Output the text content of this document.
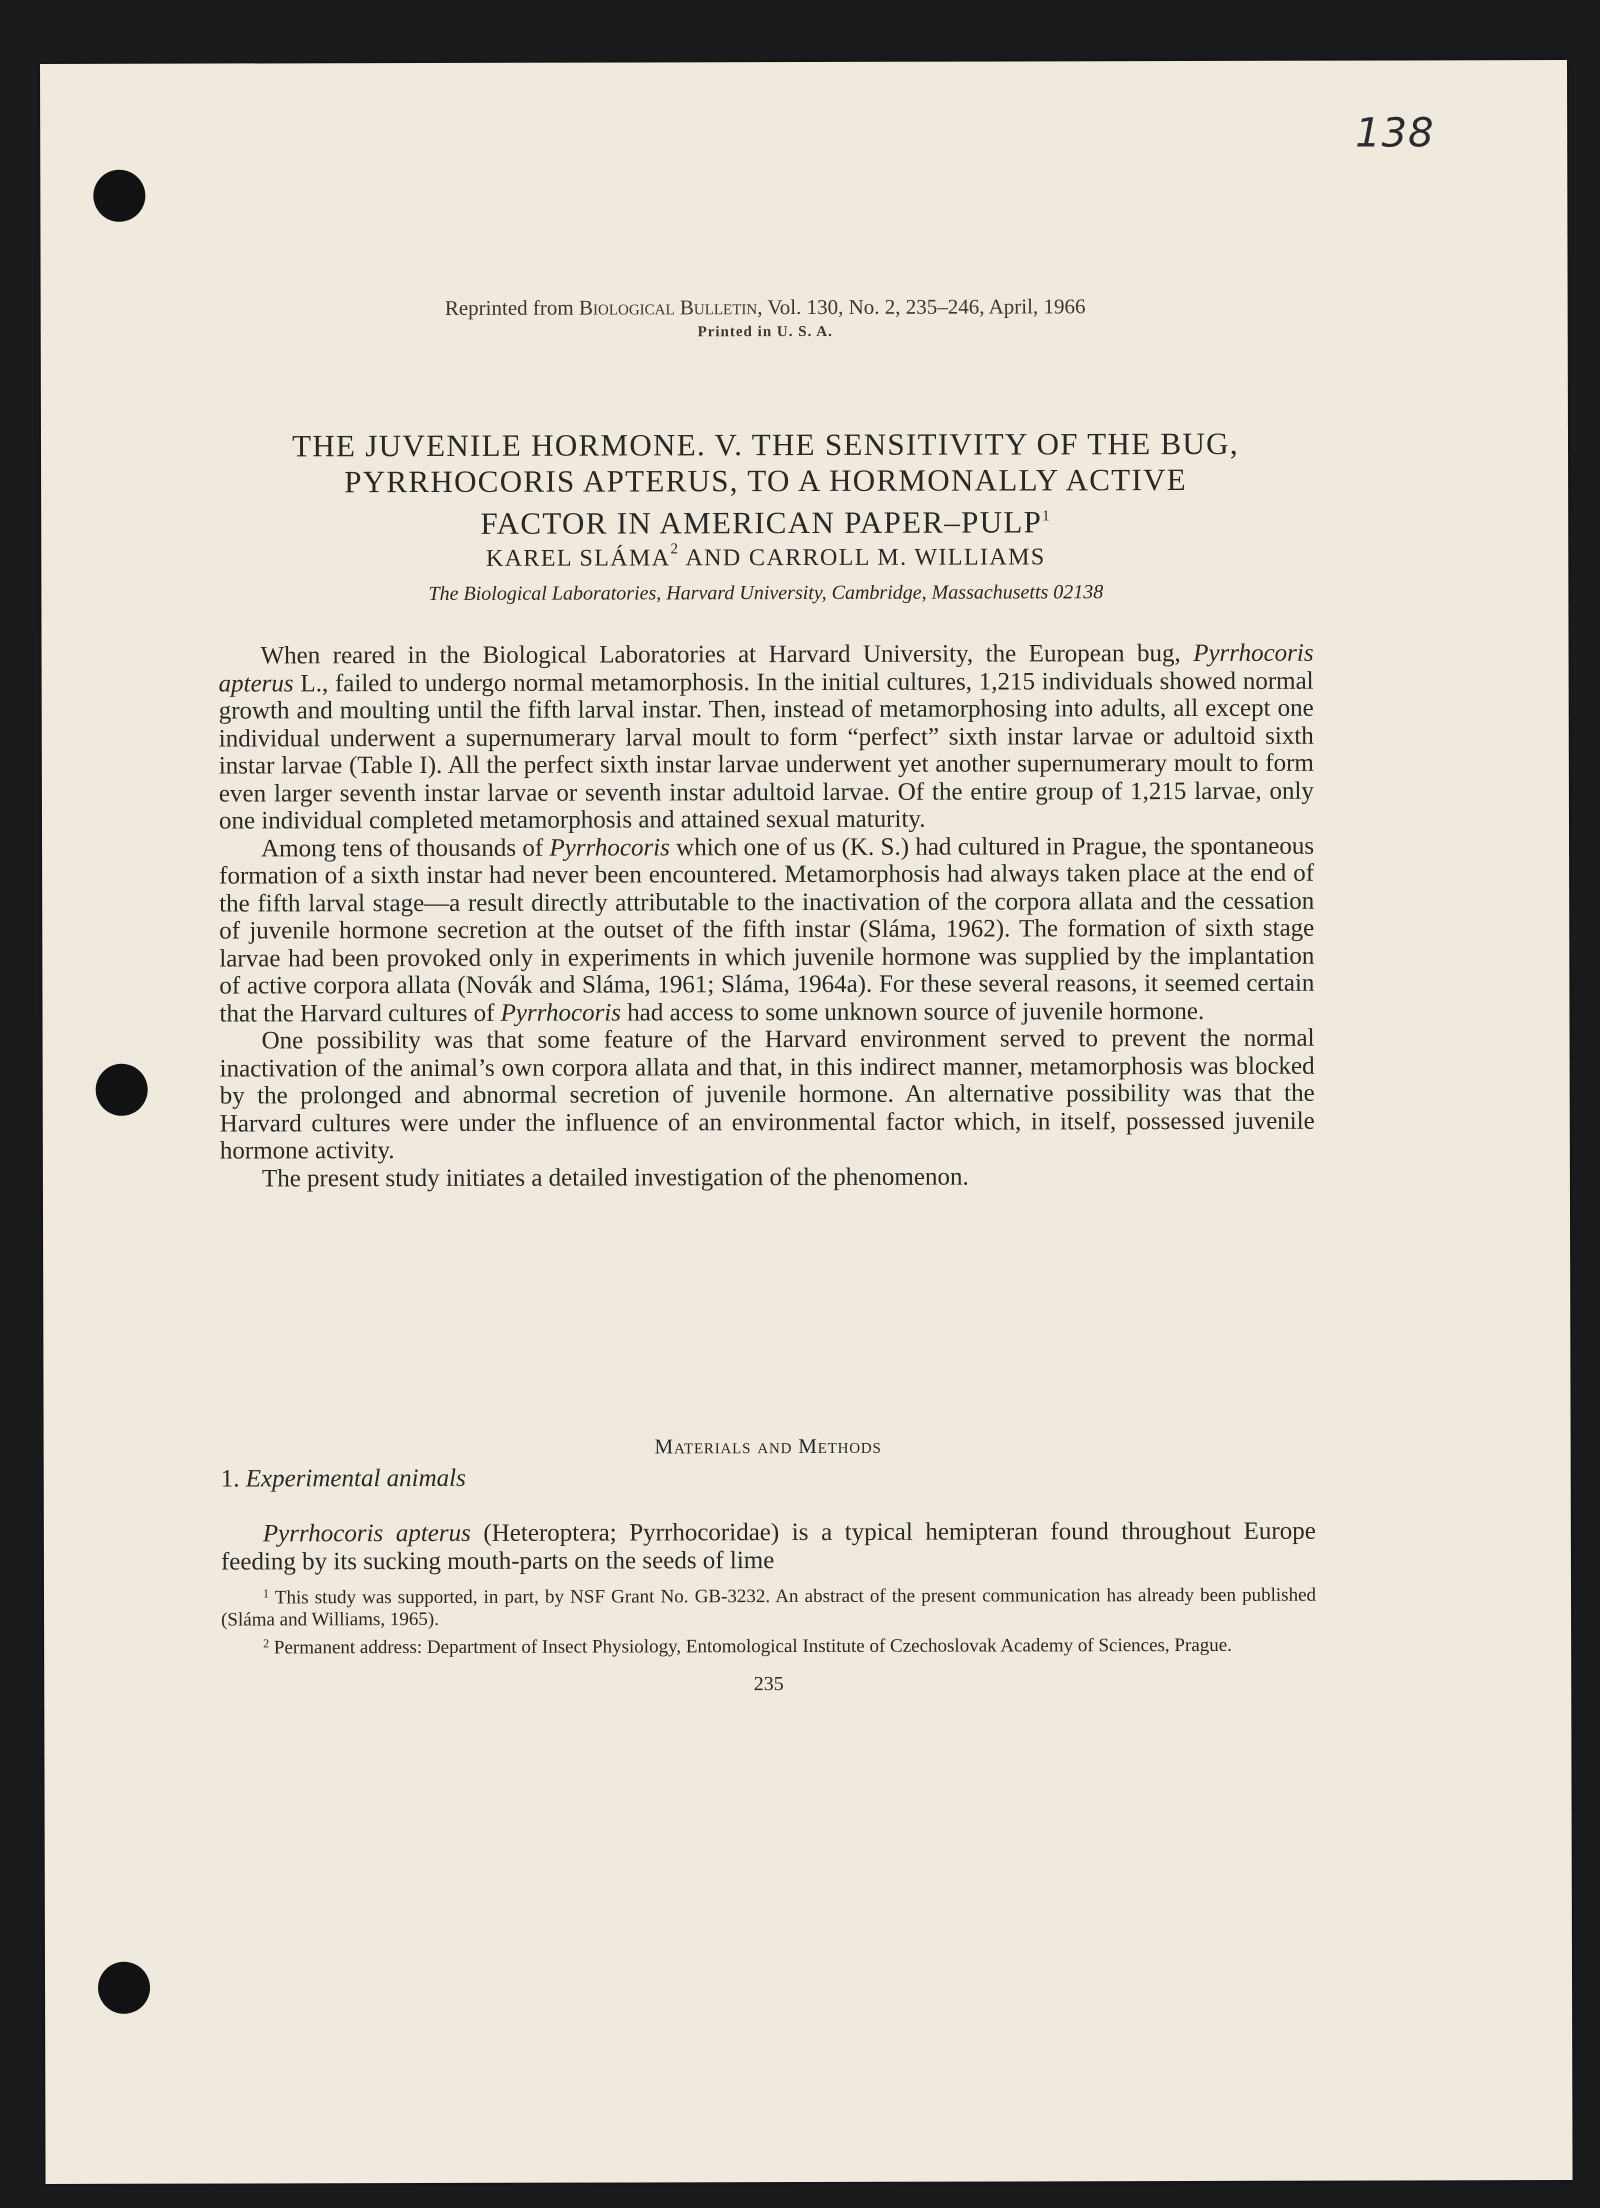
138
Reprinted from Biological Bulletin, Vol. 130, No. 2, 235–246, April, 1966
Printed in U. S. A.
THE JUVENILE HORMONE. V. THE SENSITIVITY OF THE BUG,
PYRRHOCORIS APTERUS, TO A HORMONALLY ACTIVE
FACTOR IN AMERICAN PAPER–PULP$^1$
KAREL SLÁMA$^2$ AND CARROLL M. WILLIAMS
The Biological Laboratories, Harvard University, Cambridge, Massachusetts 02138

When reared in the Biological Laboratories at Harvard University, the European bug, Pyrrhocoris apterus L., failed to undergo normal metamorphosis. In the initial cultures, 1,215 individuals showed normal growth and moulting until the fifth larval instar. Then, instead of metamorphosing into adults, all except one individual underwent a supernumerary larval moult to form “perfect” sixth instar larvae or adultoid sixth instar larvae (Table I). All the perfect sixth instar larvae underwent yet another supernumerary moult to form even larger seventh instar larvae or seventh instar adultoid larvae. Of the entire group of 1,215 larvae, only one individual completed metamorphosis and attained sexual maturity.

Among tens of thousands of Pyrrhocoris which one of us (K. S.) had cultured in Prague, the spontaneous formation of a sixth instar had never been encountered. Metamorphosis had always taken place at the end of the fifth larval stage—a result directly attributable to the inactivation of the corpora allata and the cessation of juvenile hormone secretion at the outset of the fifth instar (Sláma, 1962). The formation of sixth stage larvae had been provoked only in experiments in which juvenile hormone was supplied by the implantation of active corpora allata (Novák and Sláma, 1961; Sláma, 1964a). For these several reasons, it seemed certain that the Harvard cultures of Pyrrhocoris had access to some unknown source of juvenile hormone.

One possibility was that some feature of the Harvard environment served to prevent the normal inactivation of the animal’s own corpora allata and that, in this indirect manner, metamorphosis was blocked by the prolonged and abnormal secretion of juvenile hormone. An alternative possibility was that the Harvard cultures were under the influence of an environmental factor which, in itself, possessed juvenile hormone activity.

The present study initiates a detailed investigation of the phenomenon.

Materials and Methods
1. Experimental animals

Pyrrhocoris apterus (Heteroptera; Pyrrhocoridae) is a typical hemipteran found throughout Europe feeding by its sucking mouth-parts on the seeds of lime

$^1$ This study was supported, in part, by NSF Grant No. GB-3232. An abstract of the present communication has already been published (Sláma and Williams, 1965).

$^2$ Permanent address: Department of Insect Physiology, Entomological Institute of Czechoslovak Academy of Sciences, Prague.

235
